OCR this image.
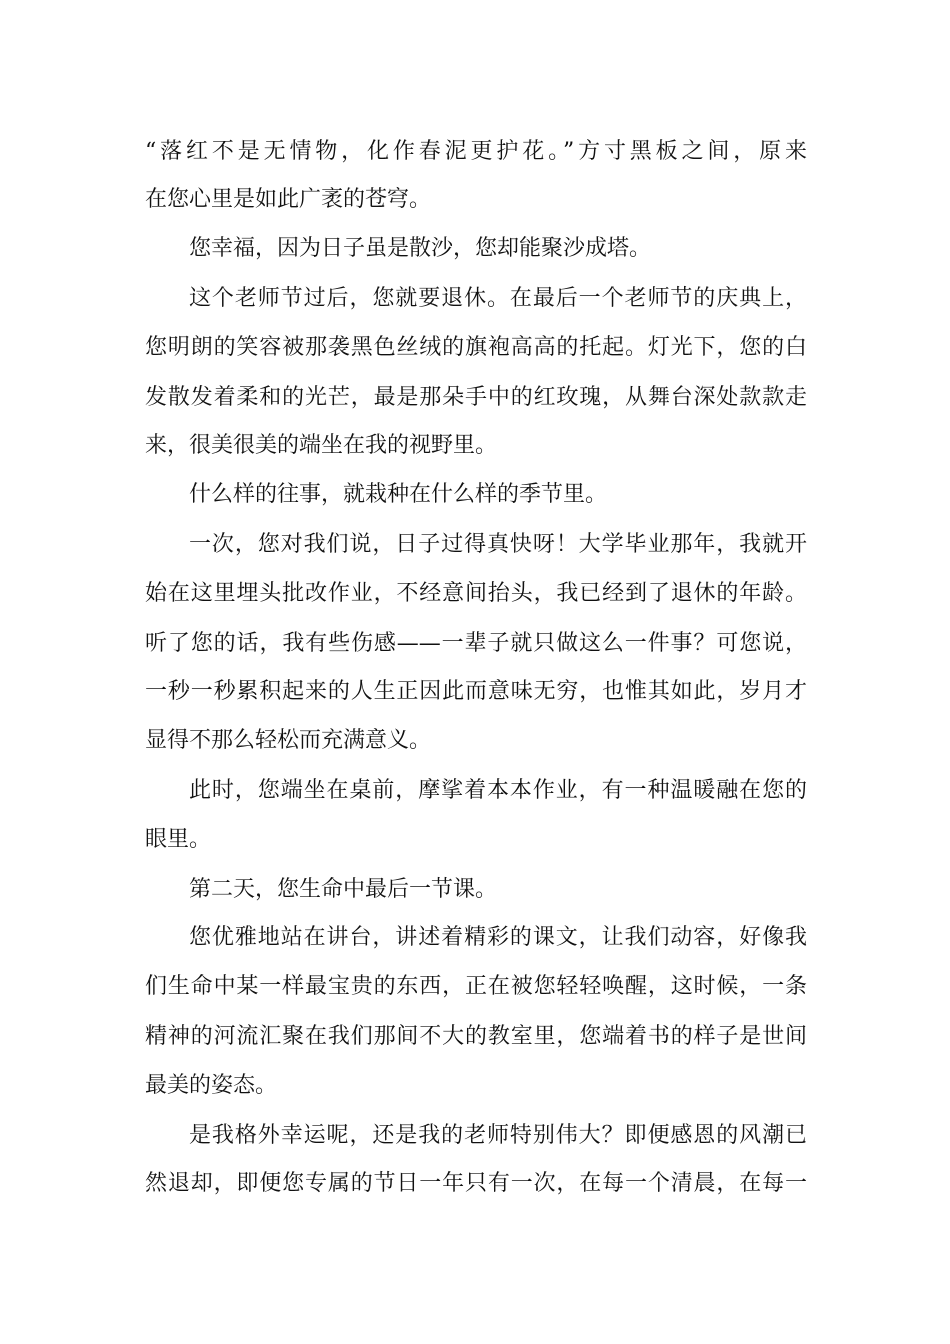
“落红不是无情物，化作春泥更护花。”方寸黑板之间，原来
在您心里是如此广袤的苍穹。
您幸福，因为日子虽是散沙，您却能聚沙成塔。
这个老师节过后，您就要退休。在最后一个老师节的庆典上，
您明朗的笑容被那袭黑色丝绒的旗袍高高的托起。灯光下，您的白
发散发着柔和的光芒，最是那朵手中的红玫瑰，从舞台深处款款走
来，很美很美的端坐在我的视野里。
什么样的往事，就栽种在什么样的季节里。
一次，您对我们说，日子过得真快呀！大学毕业那年，我就开
始在这里埋头批改作业，不经意间抬头，我已经到了退休的年龄。
听了您的话，我有些伤感——一辈子就只做这么一件事？可您说，
一秒一秒累积起来的人生正因此而意味无穷，也惟其如此，岁月才
显得不那么轻松而充满意义。
此时，您端坐在桌前，摩挲着本本作业，有一种温暖融在您的
眼里。
第二天，您生命中最后一节课。
您优雅地站在讲台，讲述着精彩的课文，让我们动容，好像我
们生命中某一样最宝贵的东西，正在被您轻轻唤醒，这时候，一条
精神的河流汇聚在我们那间不大的教室里，您端着书的样子是世间
最美的姿态。
是我格外幸运呢，还是我的老师特别伟大？即便感恩的风潮已
然退却，即便您专属的节日一年只有一次，在每一个清晨，在每一
